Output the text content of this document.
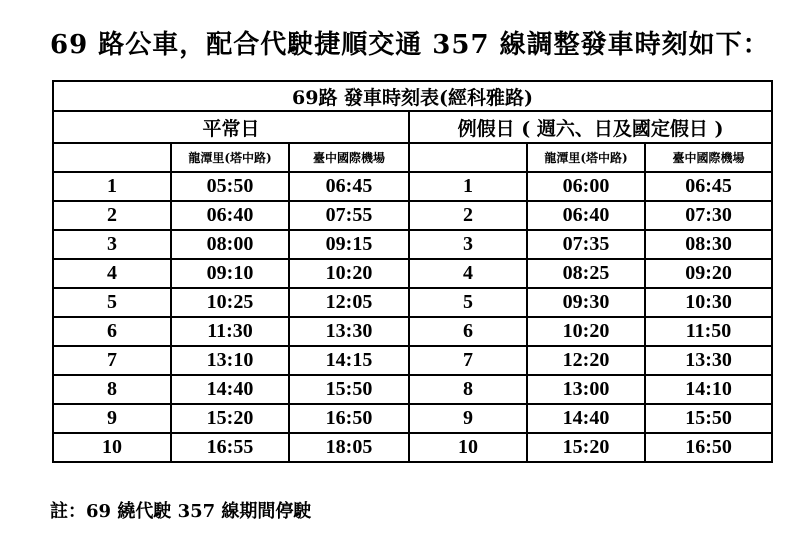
69 路公車，配合代駛捷順交通 357 線調整發車時刻如下：
69路 發車時刻表(經科雅路)					
平常日			例假日 ( 週六、日及國定假日 )		
	龍潭里(塔中路)	臺中國際機場		龍潭里(塔中路)	臺中國際機場
1	05:50	06:45	1	06:00	06:45
2	06:40	07:55	2	06:40	07:30
3	08:00	09:15	3	07:35	08:30
4	09:10	10:20	4	08:25	09:20
5	10:25	12:05	5	09:30	10:30
6	11:30	13:30	6	10:20	11:50
7	13:10	14:15	7	12:20	13:30
8	14:40	15:50	8	13:00	14:10
9	15:20	16:50	9	14:40	15:50
10	16:55	18:05	10	15:20	16:50
註：69 繞代駛 357 線期間停駛
